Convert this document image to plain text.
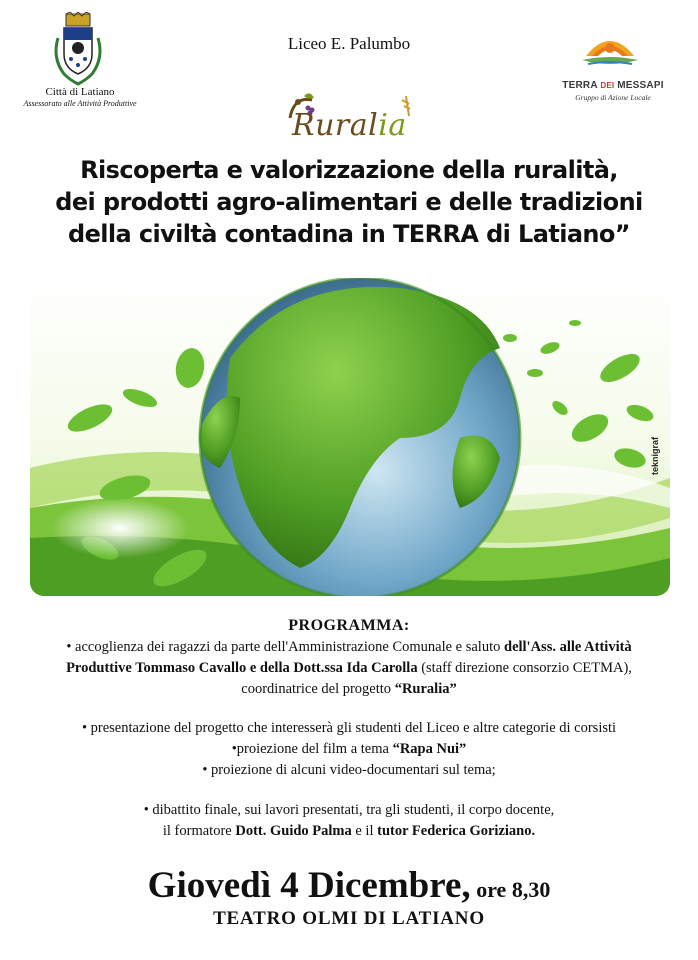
Città di Latiano
Assessorato alle Attività Produttive
Liceo E. Palumbo
TERRA DEI MESSAPI
Gruppo di Azione Locale
Ruralia
Riscoperta e valorizzazione della ruralità,
dei prodotti agro-alimentari e delle tradizioni
della civiltà contadina in TERRA di Latiano”
teknigraf
PROGRAMMA:
• accoglienza dei ragazzi da parte dell'Amministrazione Comunale e saluto dell'Ass. alle Attività
Produttive Tommaso Cavallo e della Dott.ssa Ida Carolla (staff direzione consorzio CETMA),
coordinatrice del progetto “Ruralia”
• presentazione del progetto che interesserà gli studenti del Liceo e altre categorie di corsisti
•proiezione del film a tema “Rapa Nui”
• proiezione di alcuni video-documentari sul tema;
• dibattito finale, sui lavori presentati, tra gli studenti, il corpo docente,
il formatore Dott. Guido Palma e il tutor Federica Goriziano.
Giovedì 4 Dicembre, ore 8,30
TEATRO OLMI DI LATIANO
